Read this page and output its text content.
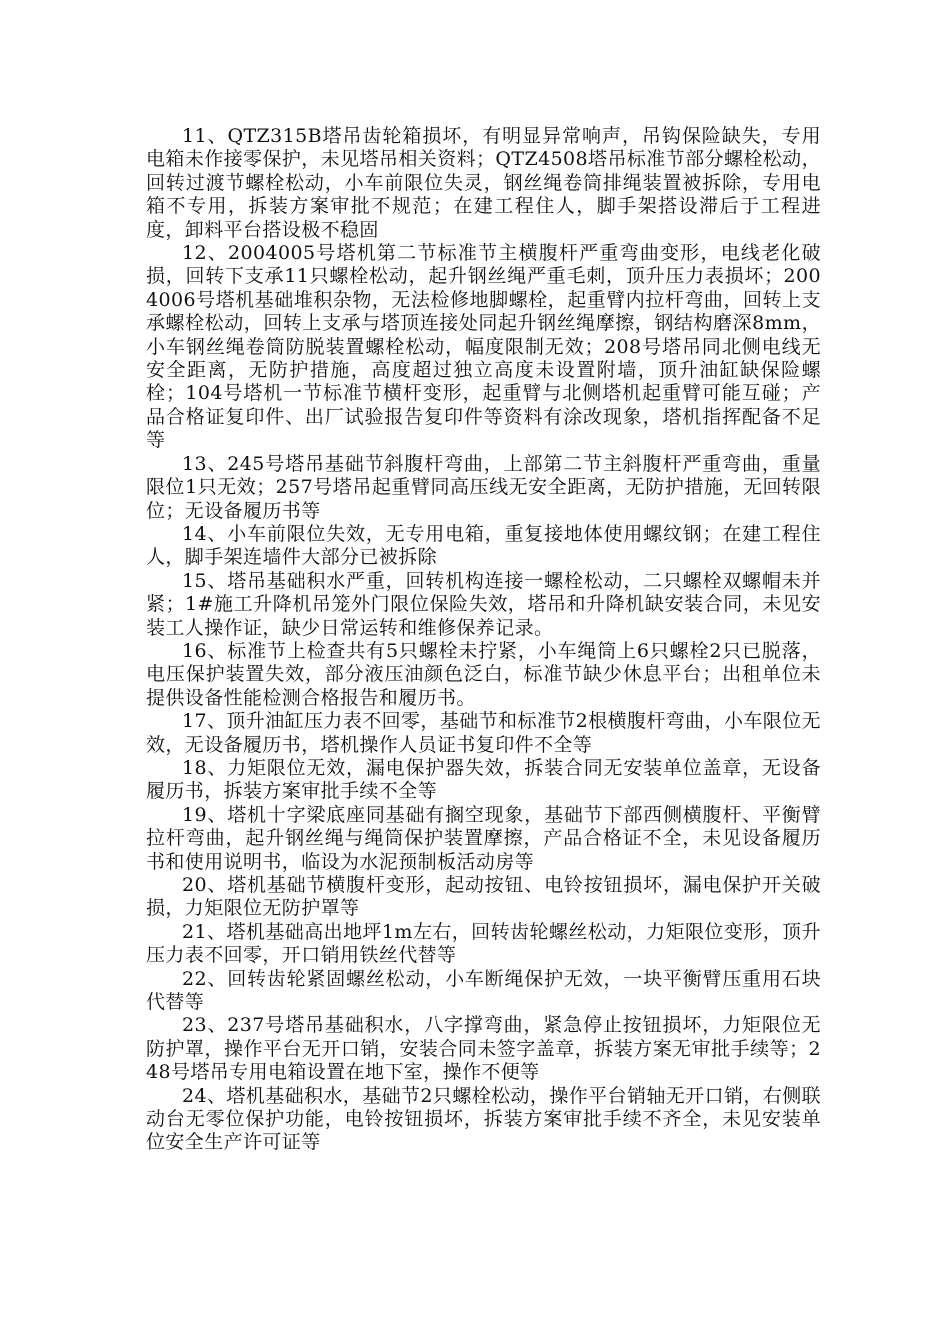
11、QTZ315B塔吊齿轮箱损坏，有明显异常响声，吊钩保险缺失，专用电箱未作接零保护，未见塔吊相关资料；QTZ4508塔吊标准节部分螺栓松动，回转过渡节螺栓松动，小车前限位失灵，钢丝绳卷筒排绳装置被拆除，专用电箱不专用，拆装方案审批不规范；在建工程住人，脚手架搭设滞后于工程进度，卸料平台搭设极不稳固

12、2004005号塔机第二节标准节主横腹杆严重弯曲变形，电线老化破损，回转下支承11只螺栓松动，起升钢丝绳严重毛刺，顶升压力表损坏；2004006号塔机基础堆积杂物，无法检修地脚螺栓，起重臂内拉杆弯曲，回转上支承螺栓松动，回转上支承与塔顶连接处同起升钢丝绳摩擦，钢结构磨深8mm，小车钢丝绳卷筒防脱装置螺栓松动，幅度限制无效；208号塔吊同北侧电线无安全距离，无防护措施，高度超过独立高度未设置附墙，顶升油缸缺保险螺栓；104号塔机一节标准节横杆变形，起重臂与北侧塔机起重臂可能互碰；产品合格证复印件、出厂试验报告复印件等资料有涂改现象，塔机指挥配备不足等

13、245号塔吊基础节斜腹杆弯曲，上部第二节主斜腹杆严重弯曲，重量限位1只无效；257号塔吊起重臂同高压线无安全距离，无防护措施，无回转限位；无设备履历书等

14、小车前限位失效，无专用电箱，重复接地体使用螺纹钢；在建工程住人，脚手架连墙件大部分已被拆除

15、塔吊基础积水严重，回转机构连接一螺栓松动，二只螺栓双螺帽未并紧；1#施工升降机吊笼外门限位保险失效，塔吊和升降机缺安装合同，未见安装工人操作证，缺少日常运转和维修保养记录。

16、标准节上检查共有5只螺栓未拧紧，小车绳筒上6只螺栓2只已脱落，电压保护装置失效，部分液压油颜色泛白，标准节缺少休息平台；出租单位未提供设备性能检测合格报告和履历书。

17、顶升油缸压力表不回零，基础节和标准节2根横腹杆弯曲，小车限位无效，无设备履历书，塔机操作人员证书复印件不全等

18、力矩限位无效，漏电保护器失效，拆装合同无安装单位盖章，无设备履历书，拆装方案审批手续不全等

19、塔机十字梁底座同基础有搁空现象，基础节下部西侧横腹杆、平衡臂拉杆弯曲，起升钢丝绳与绳筒保护装置摩擦，产品合格证不全，未见设备履历书和使用说明书，临设为水泥预制板活动房等

20、塔机基础节横腹杆变形，起动按钮、电铃按钮损坏，漏电保护开关破损，力矩限位无防护罩等

21、塔机基础高出地坪1m左右，回转齿轮螺丝松动，力矩限位变形，顶升压力表不回零，开口销用铁丝代替等

22、回转齿轮紧固螺丝松动，小车断绳保护无效，一块平衡臂压重用石块代替等

23、237号塔吊基础积水，八字撑弯曲，紧急停止按钮损坏，力矩限位无防护罩，操作平台无开口销，安装合同未签字盖章，拆装方案无审批手续等；248号塔吊专用电箱设置在地下室，操作不便等

24、塔机基础积水，基础节2只螺栓松动，操作平台销轴无开口销，右侧联动台无零位保护功能，电铃按钮损坏，拆装方案审批手续不齐全，未见安装单位安全生产许可证等
